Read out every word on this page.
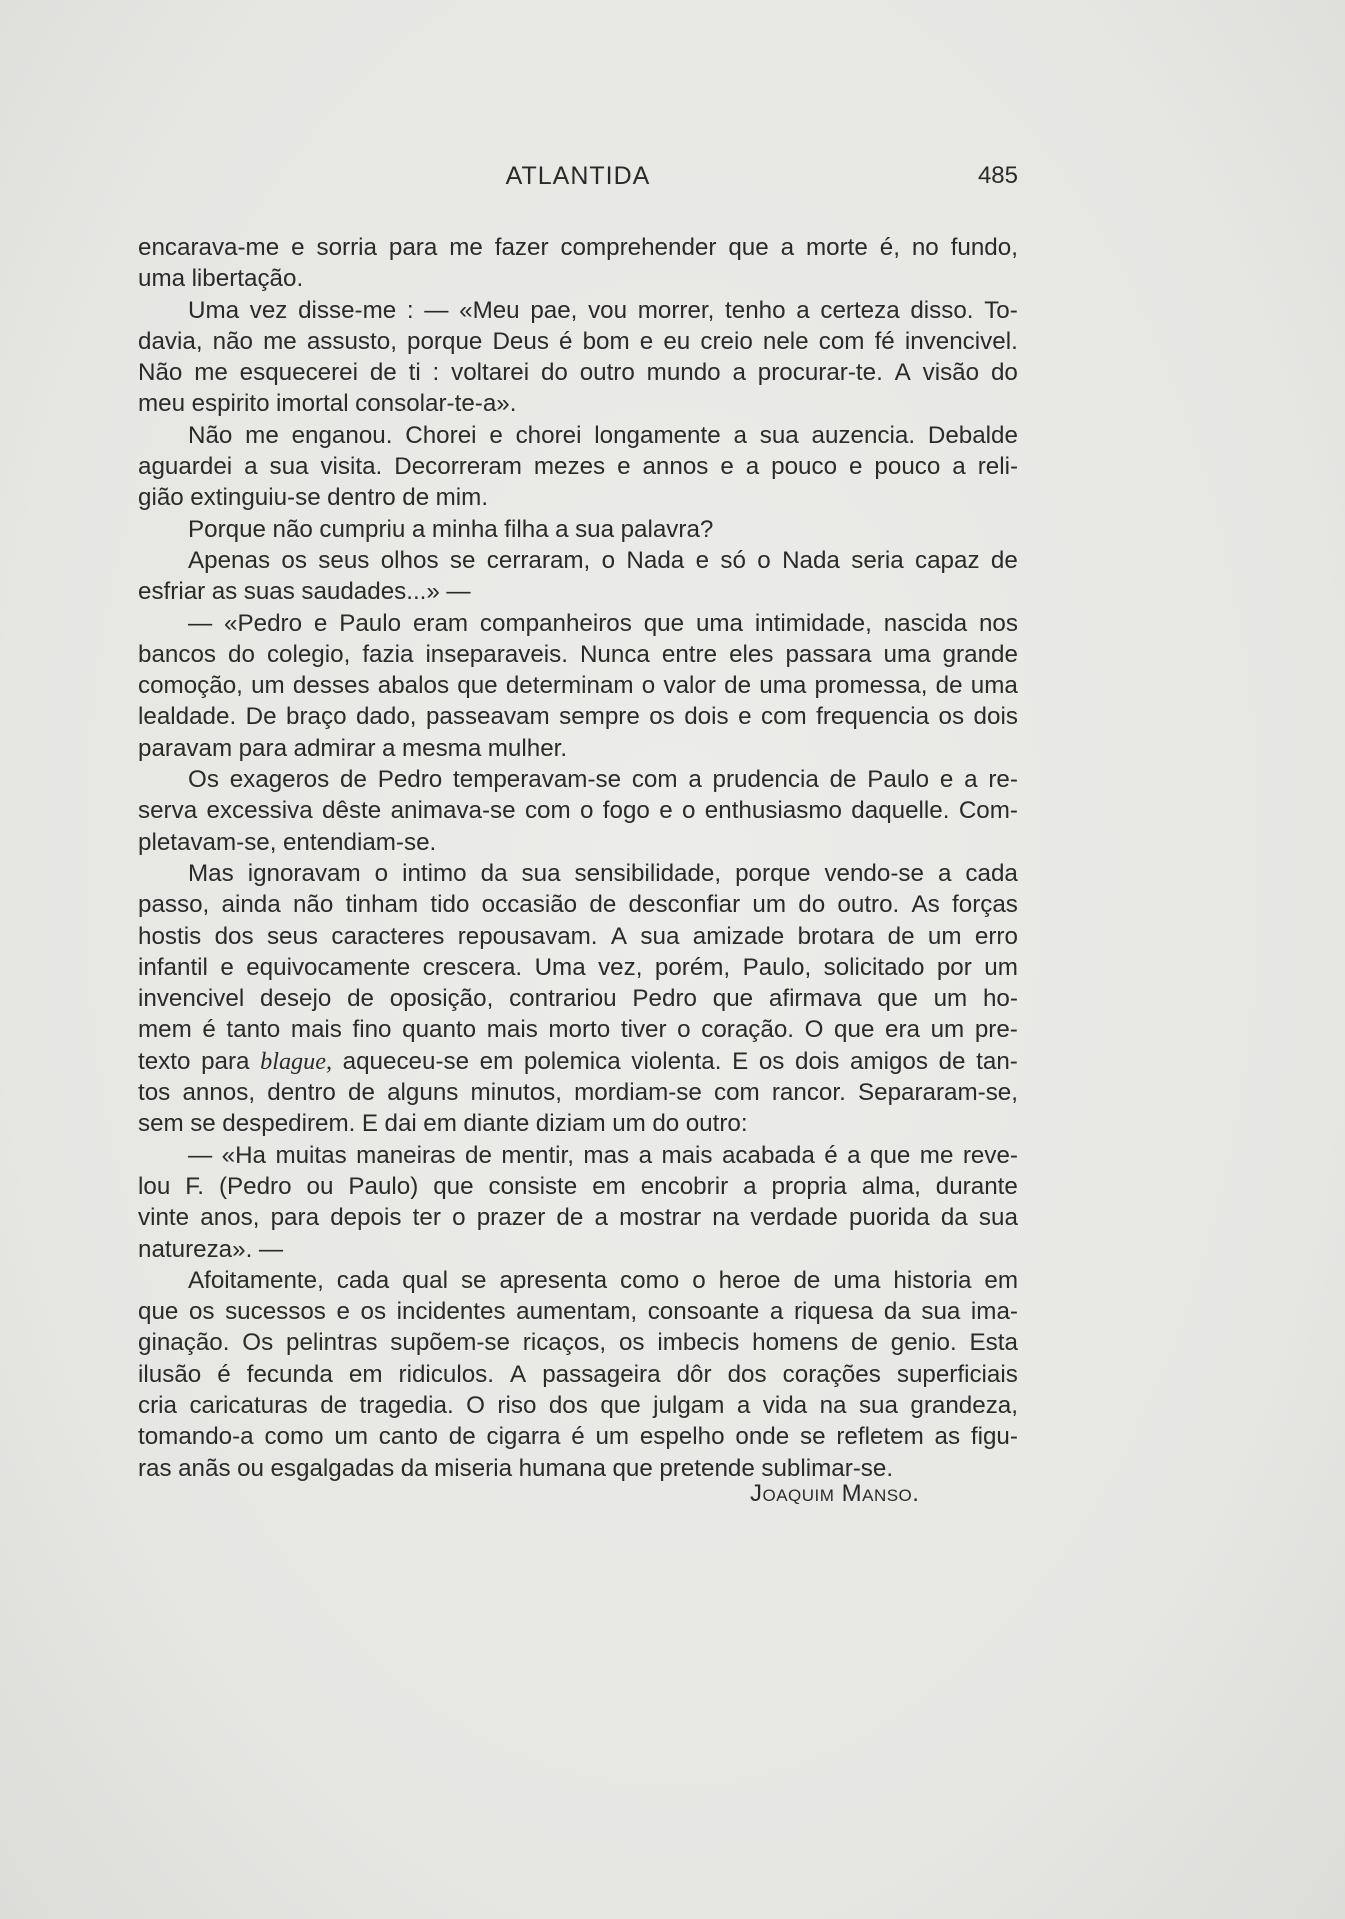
ATLANTIDA	485
encarava-me e sorria para me fazer comprehender que a morte é, no fundo,
uma libertação.
Uma vez disse-me : — «Meu pae, vou morrer, tenho a certeza disso. To-
davia, não me assusto, porque Deus é bom e eu creio nele com fé invencivel.
Não me esquecerei de ti : voltarei do outro mundo a procurar-te. A visão do
meu espirito imortal consolar-te-a».
Não me enganou. Chorei e chorei longamente a sua auzencia. Debalde
aguardei a sua visita. Decorreram mezes e annos e a pouco e pouco a reli-
gião extinguiu-se dentro de mim.
Porque não cumpriu a minha filha a sua palavra?
Apenas os seus olhos se cerraram, o Nada e só o Nada seria capaz de
esfriar as suas saudades...» —
— «Pedro e Paulo eram companheiros que uma intimidade, nascida nos
bancos do colegio, fazia inseparaveis. Nunca entre eles passara uma grande
comoção, um desses abalos que determinam o valor de uma promessa, de uma
lealdade. De braço dado, passeavam sempre os dois e com frequencia os dois
paravam para admirar a mesma mulher.
Os exageros de Pedro temperavam-se com a prudencia de Paulo e a re-
serva excessiva dêste animava-se com o fogo e o enthusiasmo daquelle. Com-
pletavam-se, entendiam-se.
Mas ignoravam o intimo da sua sensibilidade, porque vendo-se a cada
passo, ainda não tinham tido occasião de desconfiar um do outro. As forças
hostis dos seus caracteres repousavam. A sua amizade brotara de um erro
infantil e equivocamente crescera. Uma vez, porém, Paulo, solicitado por um
invencivel desejo de oposição, contrariou Pedro que afirmava que um ho-
mem é tanto mais fino quanto mais morto tiver o coração. O que era um pre-
texto para blague, aqueceu-se em polemica violenta. E os dois amigos de tan-
tos annos, dentro de alguns minutos, mordiam-se com rancor. Separaram-se,
sem se despedirem. E dai em diante diziam um do outro:
— «Ha muitas maneiras de mentir, mas a mais acabada é a que me reve-
lou F. (Pedro ou Paulo) que consiste em encobrir a propria alma, durante
vinte anos, para depois ter o prazer de a mostrar na verdade puorida da sua
natureza». —
Afoitamente, cada qual se apresenta como o heroe de uma historia em
que os sucessos e os incidentes aumentam, consoante a riquesa da sua ima-
ginação. Os pelintras supõem-se ricaços, os imbecis homens de genio. Esta
ilusão é fecunda em ridiculos. A passageira dôr dos corações superficiais
cria caricaturas de tragedia. O riso dos que julgam a vida na sua grandeza,
tomando-a como um canto de cigarra é um espelho onde se refletem as figu-
ras anãs ou esgalgadas da miseria humana que pretende sublimar-se.
Joaquim Manso.
